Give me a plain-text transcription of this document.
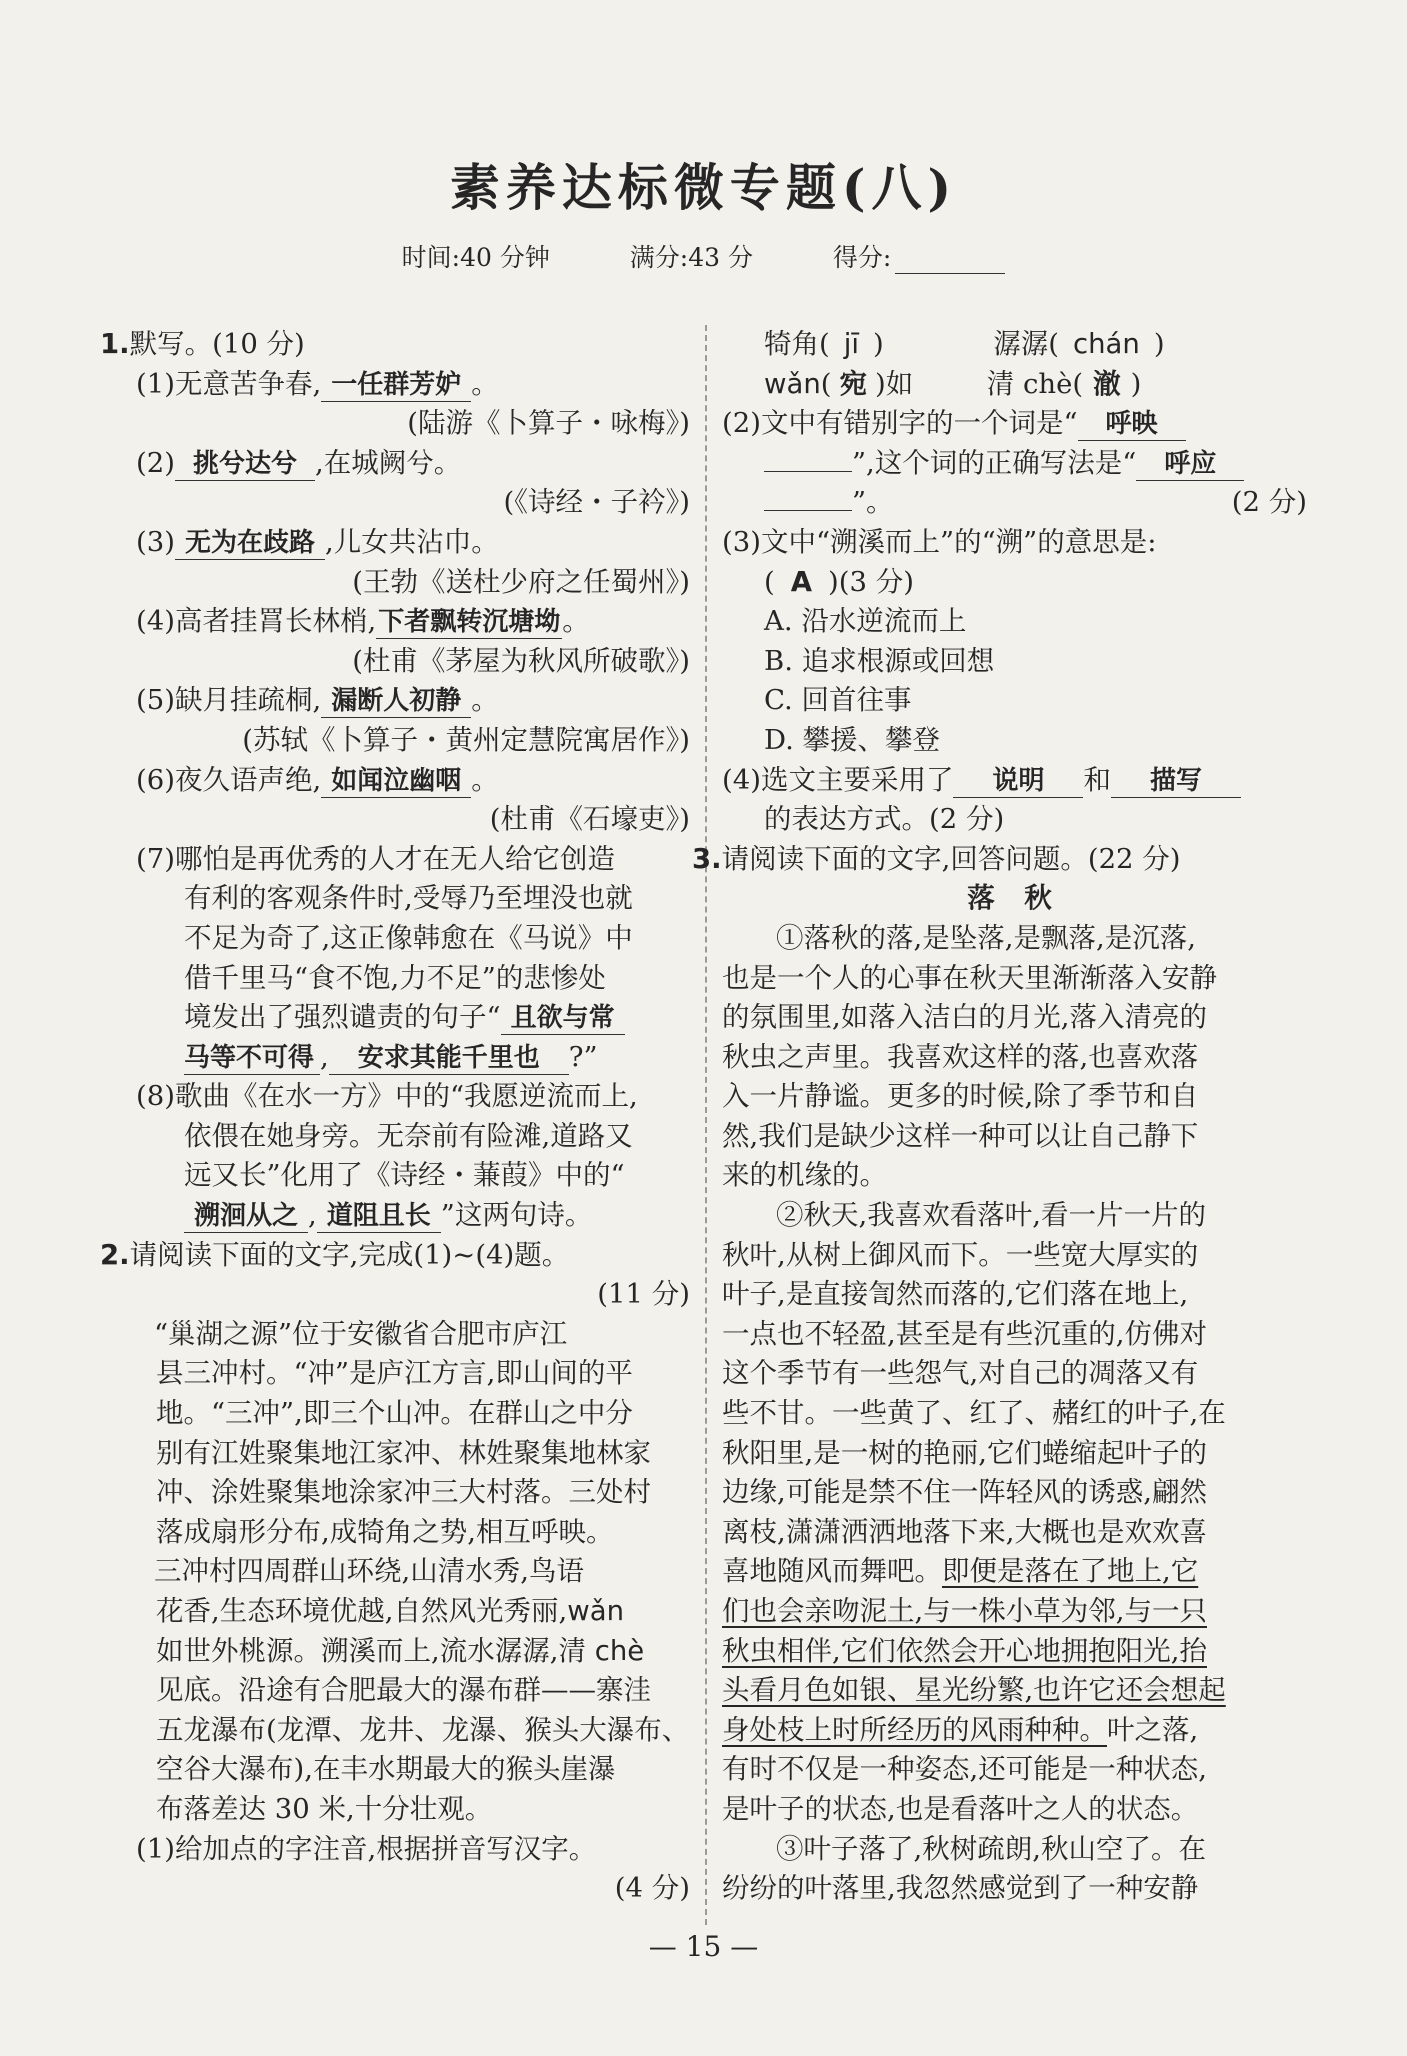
素养达标微专题(八)
时间:40 分钟	满分:43 分	得分:
1.默写。(10 分)
(1)无意苦争春, 一任群芳妒 。
(陆游《卜算子・咏梅》)
(2) 挑兮达兮 ,在城阙兮。
(《诗经・子衿》)
(3) 无为在歧路 ,儿女共沾巾。
(王勃《送杜少府之任蜀州》)
(4)高者挂罥长林梢,下者飘转沉塘坳。
(杜甫《茅屋为秋风所破歌》)
(5)缺月挂疏桐, 漏断人初静 。
(苏轼《卜算子・黄州定慧院寓居作》)
(6)夜久语声绝, 如闻泣幽咽 。
(杜甫《石壕吏》)
(7)哪怕是再优秀的人才在无人给它创造
有利的客观条件时,受辱乃至埋没也就
不足为奇了,这正像韩愈在《马说》中
借千里马“食不饱,力不足”的悲惨处
境发出了强烈谴责的句子“ 且欲与常
马等不可得 , 安求其能千里也 ?”
(8)歌曲《在水一方》中的“我愿逆流而上,
依偎在她身旁。无奈前有险滩,道路又
远又长”化用了《诗经・蒹葭》中的“
溯洄从之 , 道阻且长 ”这两句诗。
2.请阅读下面的文字,完成(1)~(4)题。
(11 分)
“巢湖之源”位于安徽省合肥市庐江
县三冲村。“冲”是庐江方言,即山间的平
地。“三冲”,即三个山冲。在群山之中分
别有江姓聚集地江家冲、林姓聚集地林家
冲、涂姓聚集地涂家冲三大村落。三处村
落成扇形分布,成犄角之势,相互呼映。
三冲村四周群山环绕,山清水秀,鸟语
花香,生态环境优越,自然风光秀丽,wǎn
如世外桃源。溯溪而上,流水潺潺,清 chè
见底。沿途有合肥最大的瀑布群——寨洼
五龙瀑布(龙潭、龙井、龙瀑、猴头大瀑布、
空谷大瀑布),在丰水期最大的猴头崖瀑
布落差达 30 米,十分壮观。
(1)给加点的字注音,根据拼音写汉字。
(4 分)
犄角( jī )	潺潺( chán )
wǎn( 宛 )如	清 chè( 澈 )
(2)文中有错别字的一个词是“ 呼映
”,这个词的正确写法是“ 呼应
”。	(2 分)
(3)文中“溯溪而上”的“溯”的意思是:
( A )(3 分)
A. 沿水逆流而上
B. 追求根源或回想
C. 回首往事
D. 攀援、攀登
(4)选文主要采用了 说明 和 描写
的表达方式。(2 分)
3.请阅读下面的文字,回答问题。(22 分)
落 秋
①落秋的落,是坠落,是飘落,是沉落,
也是一个人的心事在秋天里渐渐落入安静
的氛围里,如落入洁白的月光,落入清亮的
秋虫之声里。我喜欢这样的落,也喜欢落
入一片静谧。更多的时候,除了季节和自
然,我们是缺少这样一种可以让自己静下
来的机缘的。
②秋天,我喜欢看落叶,看一片一片的
秋叶,从树上御风而下。一些宽大厚实的
叶子,是直接訇然而落的,它们落在地上,
一点也不轻盈,甚至是有些沉重的,仿佛对
这个季节有一些怨气,对自己的凋落又有
些不甘。一些黄了、红了、赭红的叶子,在
秋阳里,是一树的艳丽,它们蜷缩起叶子的
边缘,可能是禁不住一阵轻风的诱惑,翩然
离枝,潇潇洒洒地落下来,大概也是欢欢喜
喜地随风而舞吧。即便是落在了地上,它
们也会亲吻泥土,与一株小草为邻,与一只
秋虫相伴,它们依然会开心地拥抱阳光,抬
头看月色如银、星光纷繁,也许它还会想起
身处枝上时所经历的风雨种种。叶之落,
有时不仅是一种姿态,还可能是一种状态,
是叶子的状态,也是看落叶之人的状态。
③叶子落了,秋树疏朗,秋山空了。在
纷纷的叶落里,我忽然感觉到了一种安静
— 15 —
